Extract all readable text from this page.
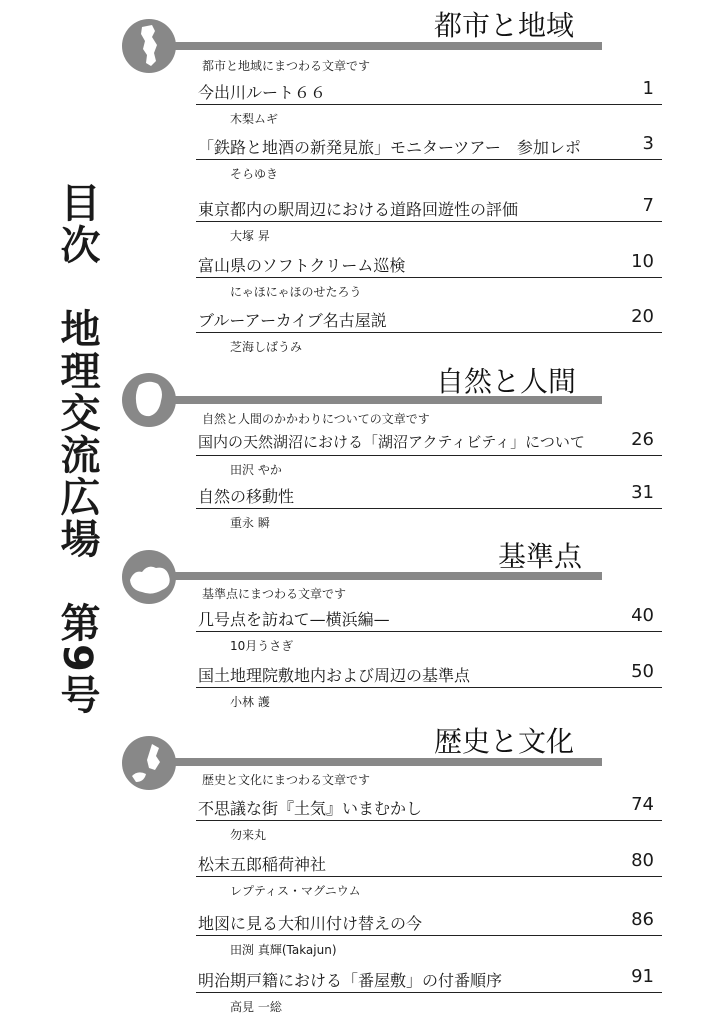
目次　地理交流広場　第9号
都市と地域
都市と地域にまつわる文章です
今出川ルート６６	1
木梨ムギ
「鉄路と地酒の新発見旅」モニターツアー　参加レポ	3
そらゆき
東京都内の駅周辺における道路回遊性の評価	7
大塚 昇
富山県のソフトクリーム巡検	10
にゃほにゃほのせたろう
ブルーアーカイブ名古屋説	20
芝海しばうみ
自然と人間
自然と人間のかかわりについての文章です
国内の天然湖沼における「湖沼アクティビティ」について	26
田沢 やか
自然の移動性	31
重永 瞬
基準点
基準点にまつわる文章です
几号点を訪ねて—横浜編—	40
10月うさぎ
国土地理院敷地内および周辺の基準点	50
小林 護
歴史と文化
歴史と文化にまつわる文章です
不思議な街『土気』いまむかし	74
勿来丸
松末五郎稲荷神社	80
レプティス・マグニウム
地図に見る大和川付け替えの今	86
田渕 真輝(Takajun)
明治期戸籍における「番屋敷」の付番順序	91
高見 一総
